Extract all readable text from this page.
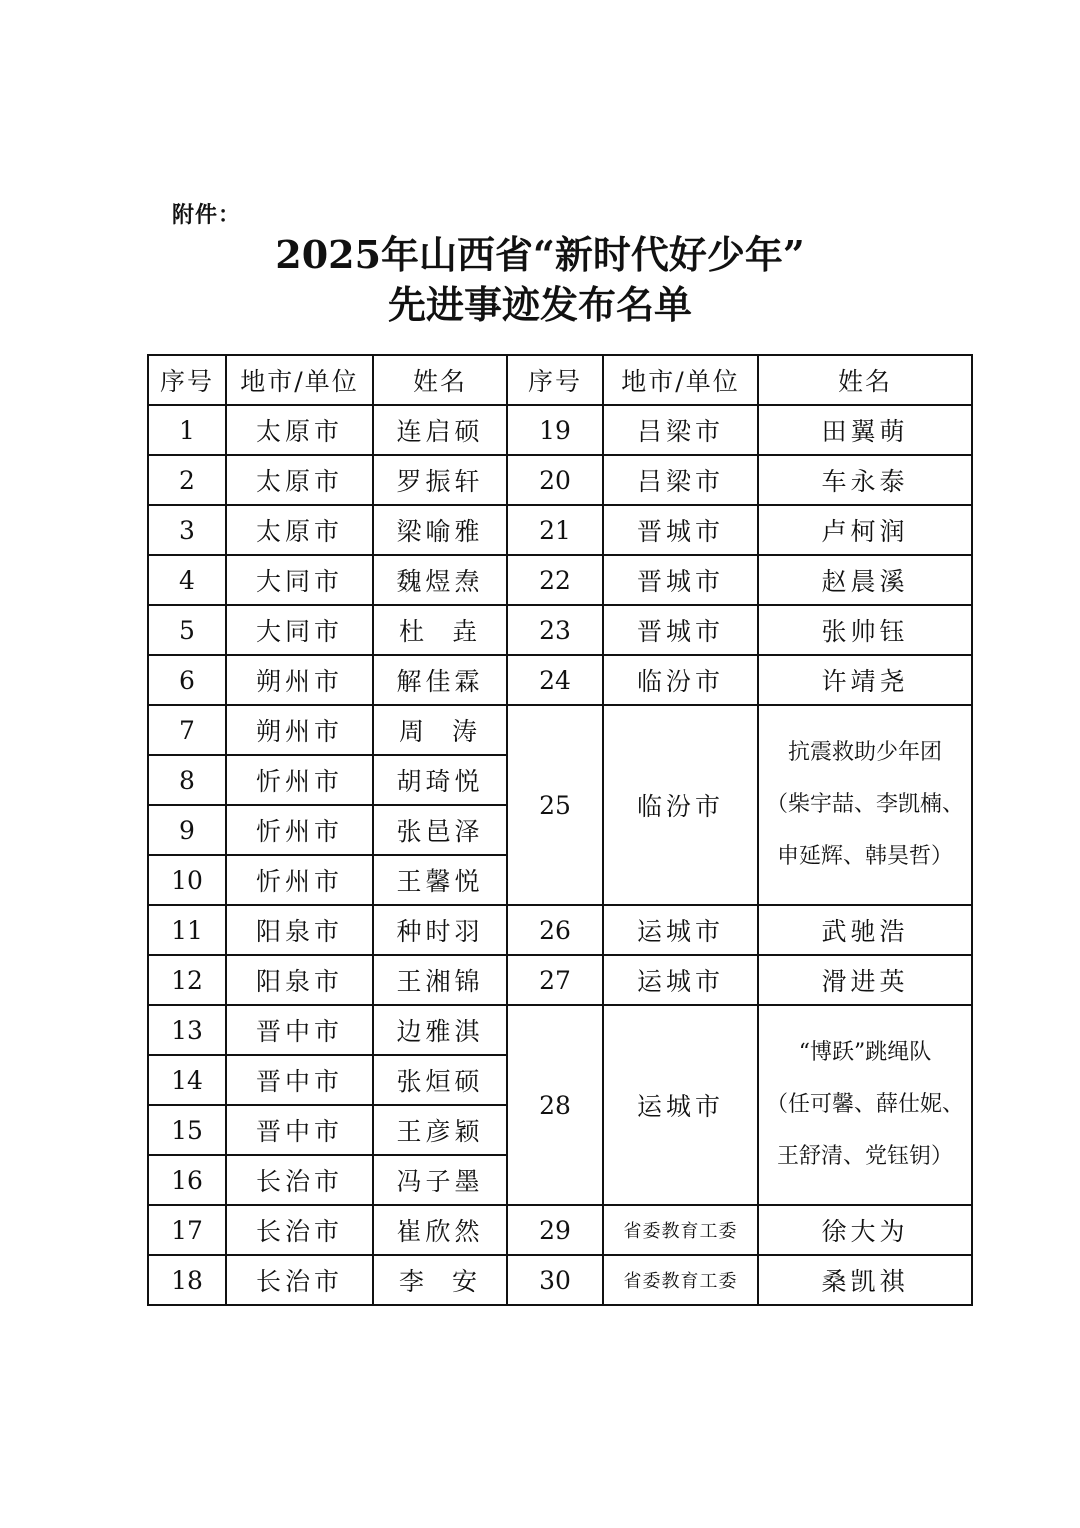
附件：
2025年山西省“新时代好少年”
先进事迹发布名单
序号	地市/单位	姓名	序号	地市/单位	姓名
1	太原市	连启硕	19	吕梁市	田翼萌
2	太原市	罗振轩	20	吕梁市	车永泰
3	太原市	梁喻雅	21	晋城市	卢柯润
4	大同市	魏煜焘	22	晋城市	赵晨溪
5	大同市	杜  垚	23	晋城市	张帅钰
6	朔州市	解佳霖	24	临汾市	许靖尧
7	朔州市	周  涛	25	临汾市	抗震救助少年团
（柴宇喆、李凯楠、
申延辉、韩昊哲）

8	忻州市	胡琦悦			
9	忻州市	张邑泽			
10	忻州市	王馨悦			
11	阳泉市	种时羽	26	运城市	武驰浩
12	阳泉市	王湘锦	27	运城市	滑进英
13	晋中市	边雅淇	28	运城市	“博跃”跳绳队
（任可馨、薛仕妮、
王舒清、党钰钥）

14	晋中市	张烜硕			
15	晋中市	王彦颖			
16	长治市	冯子墨			
17	长治市	崔欣然	29	省委教育工委	徐大为
18	长治市	李  安	30	省委教育工委	桑凯祺
